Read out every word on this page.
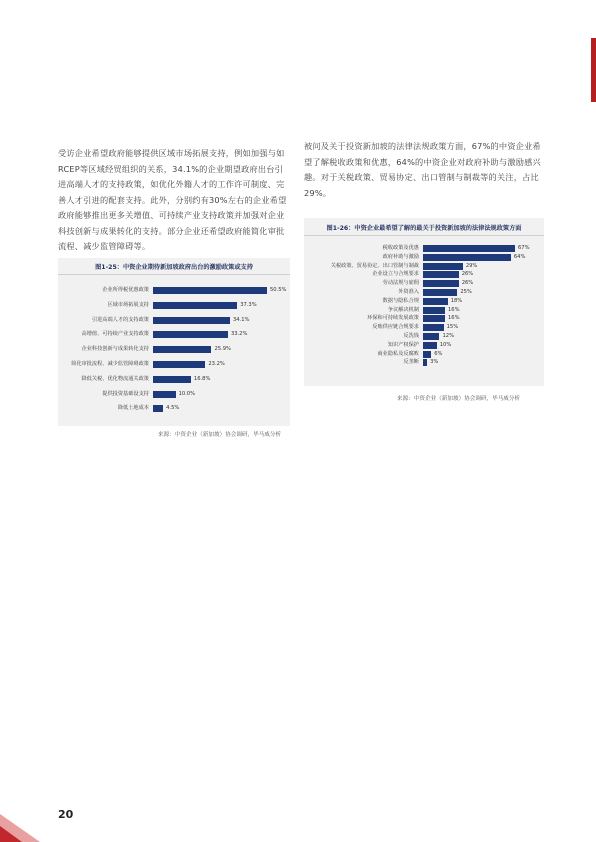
受访企业希望政府能够提供区域市场拓展支持，例如加强与如RCEP等区域经贸组织的关系，34.1%的企业期望政府出台引进高端人才的支持政策，如优化外籍人才的工作许可制度、完善人才引进的配套支持。此外，分别约有30%左右的企业希望政府能够推出更多关增值、可持续产业支持政策并加强对企业科技创新与成果转化的支持。部分企业还希望政府能简化审批流程、减少监管障碍等。
被问及关于投资新加坡的法律法规政策方面，67%的中资企业希望了解税收政策和优惠，64%的中资企业对政府补助与激励感兴趣。对于关税政策、贸易协定、出口管制与制裁等的关注，占比29%。
图1-25：中资企业期待新加坡政府出台的激励政策或支持
企业所得税优惠政策	50.5%
区域市场拓展支持	37.3%
引进高端人才的支持政策	34.1%
高增值、可持续产业支持政策	33.2%
企业科技创新与成果转化支持	25.9%
简化审批流程、减少监管障碍政策	23.2%
降低关税、优化物流通关政策	16.8%
提供投资基础设支持	10.0%
降低土地成本	4.5%
来源：中资企业（新加坡）协会调研，毕马威分析
图1-26：中资企业最希望了解的最关于投资新加坡的法律法规政策方面
税收政策及优惠	67%
政府补助与激励	64%
关税政策、贸易协定、出口管制与制裁	29%
企业设立与合规要求	26%
劳动法规与雇佣	26%
外资准入	25%
数据与隐私合规	18%
争议解决机制	16%
环保和可持续发展政策	16%
反贿供应链合规要求	15%
反洗钱	12%
知识产权保护	10%
商业隐私及反腐败	6%
反垄断 3%
来源：中资企业（新加坡）协会调研，毕马威分析
20
